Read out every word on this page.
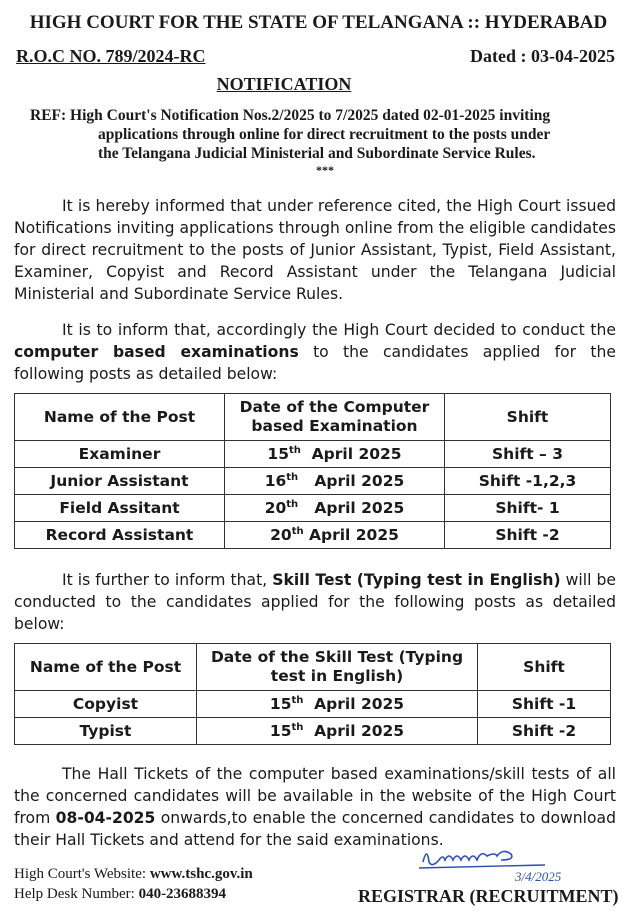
HIGH COURT FOR THE STATE OF TELANGANA :: HYDERABAD
R.O.C NO. 789/2024-RC	Dated : 03-04-2025
NOTIFICATION
REF: High Court's Notification Nos.2/2025 to 7/2025 dated 02-01-2025 inviting
applications through online for direct recruitment to the posts under
the Telangana Judicial Ministerial and Subordinate Service Rules.
***
It is hereby informed that under reference cited, the High Court issued Notifications inviting applications through online from the eligible candidates for direct recruitment to the posts of Junior Assistant, Typist, Field Assistant, Examiner, Copyist and Record Assistant under the Telangana Judicial Ministerial and Subordinate Service Rules.
It is to inform that, accordingly the High Court decided to conduct the computer based examinations to the candidates applied for the following posts as detailed below:
Name of the Post	Date of the Computer based Examination	Shift
Examiner	15th  April 2025	Shift – 3
Junior Assistant	16th   April 2025	Shift -1,2,3
Field Assitant	20th   April 2025	Shift- 1
Record Assistant	20th April 2025	Shift -2
It is further to inform that, Skill Test (Typing test in English) will be conducted to the candidates applied for the following posts as detailed below:
Name of the Post	Date of the Skill Test (Typing test in English)	Shift
Copyist	15th  April 2025	Shift -1
Typist	15th  April 2025	Shift -2
The Hall Tickets of the computer based examinations/skill tests of all the concerned candidates will be available in the website of the High Court from 08-04-2025 onwards,to enable the concerned candidates to download their Hall Tickets and attend for the said examinations.
High Court's Website: www.tshc.gov.in
Help Desk Number: 040-23688394
3/4/2025
REGISTRAR (RECRUITMENT)
